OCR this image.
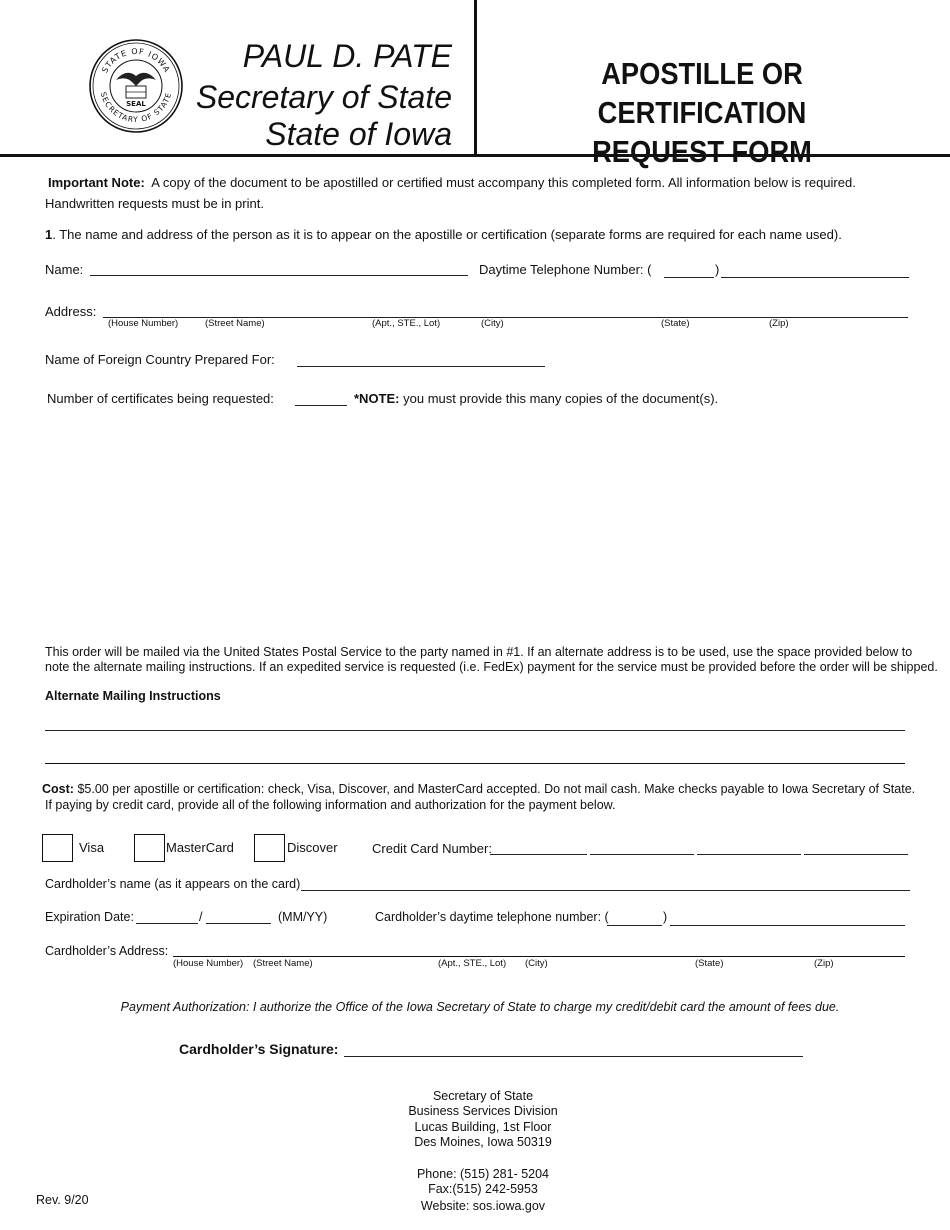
STATE OF IOWA
SECRETARY OF STATE
SEAL
PAUL D. PATE
Secretary of State
State of Iowa
APOSTILLE OR CERTIFICATION
REQUEST FORM
Important Note: A copy of the document to be apostilled or certified must accompany this completed form. All information below is required.
Handwritten requests must be in print.
1. The name and address of the person as it is to appear on the apostille or certification (separate forms are required for each name used).
Name:	Daytime Telephone Number: (	)
Address:
(House Number)	(Street Name)	(Apt., STE., Lot)	(City)	(State)	(Zip)
Name of Foreign Country Prepared For:
Number of certificates being requested:	*NOTE: you must provide this many copies of the document(s).
This order will be mailed via the United States Postal Service to the party named in #1. If an alternate address is to be used, use the space provided below to
note the alternate mailing instructions. If an expedited service is requested (i.e. FedEx) payment for the service must be provided before the order will be shipped.
Alternate Mailing Instructions
Cost: $5.00 per apostille or certification: check, Visa, Discover, and MasterCard accepted. Do not mail cash. Make checks payable to Iowa Secretary of State.
If paying by credit card, provide all of the following information and authorization for the payment below.
Visa	MasterCard	Discover	Credit Card Number:
Cardholder’s name (as it appears on the card)
Expiration Date:	/	(MM/YY)	Cardholder’s daytime telephone number: (	)
Cardholder’s Address:
(House Number) (Street Name)	(Apt., STE., Lot) (City)	(State)	(Zip)
Payment Authorization: I authorize the Office of the Iowa Secretary of State to charge my credit/debit card the amount of fees due.
Cardholder’s Signature:
Secretary of State
Business Services Division
Lucas Building, 1st Floor
Des Moines, Iowa 50319
Phone: (515) 281- 5204
Fax:(515) 242-5953
Website: sos.iowa.gov
Rev. 9/20
